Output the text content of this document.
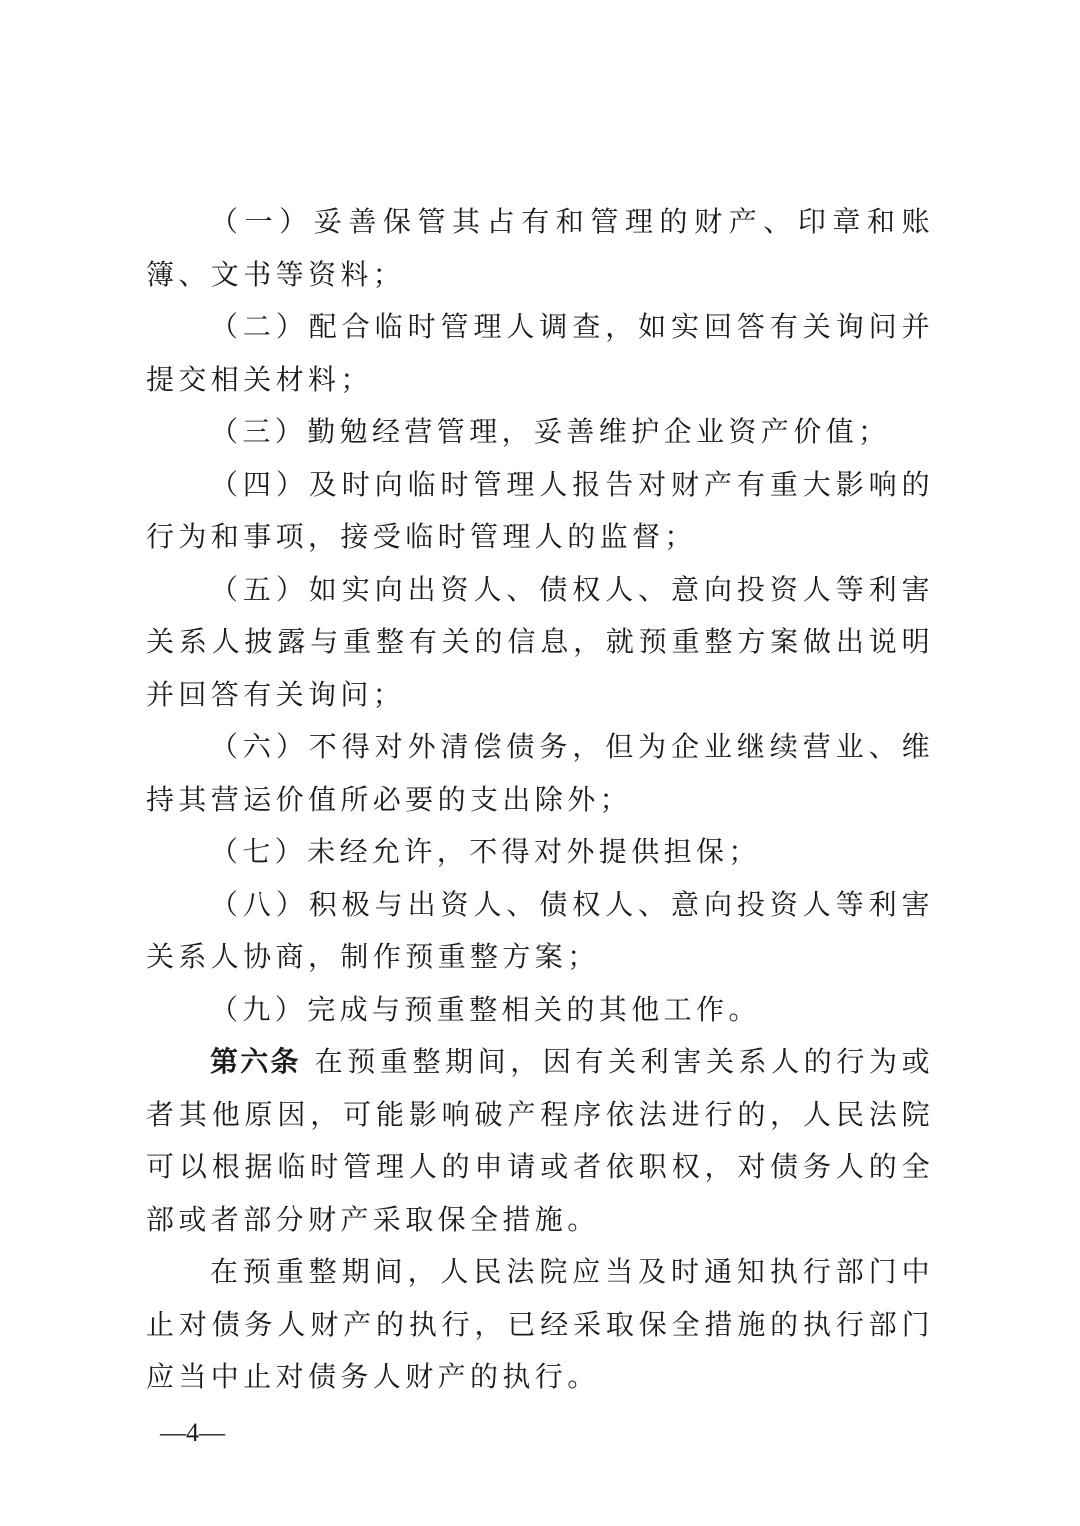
（一）妥善保管其占有和管理的财产、印章和账簿、文书等资料；

（二）配合临时管理人调查，如实回答有关询问并提交相关材料；

（三）勤勉经营管理，妥善维护企业资产价值；

（四）及时向临时管理人报告对财产有重大影响的行为和事项，接受临时管理人的监督；

（五）如实向出资人、债权人、意向投资人等利害关系人披露与重整有关的信息，就预重整方案做出说明并回答有关询问；

（六）不得对外清偿债务，但为企业继续营业、维持其营运价值所必要的支出除外；

（七）未经允许，不得对外提供担保；

（八）积极与出资人、债权人、意向投资人等利害关系人协商，制作预重整方案；

（九）完成与预重整相关的其他工作。

第六条 在预重整期间，因有关利害关系人的行为或者其他原因，可能影响破产程序依法进行的，人民法院可以根据临时管理人的申请或者依职权，对债务人的全部或者部分财产采取保全措施。

在预重整期间，人民法院应当及时通知执行部门中止对债务人财产的执行，已经采取保全措施的执行部门应当中止对债务人财产的执行。

—4—
